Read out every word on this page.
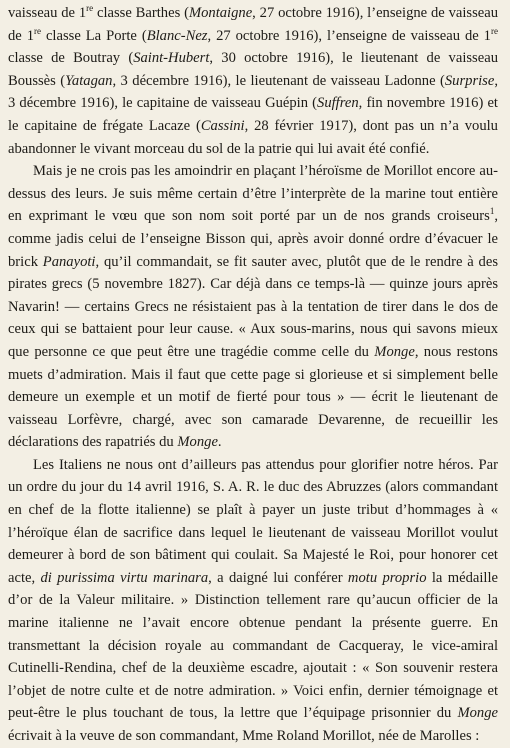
vaisseau de 1re classe Barthes (Montaigne, 27 octobre 1916), l’enseigne de vaisseau de 1re classe La Porte (Blanc-Nez, 27 octobre 1916), l’enseigne de vaisseau de 1re classe de Boutray (Saint-Hubert, 30 octobre 1916), le lieutenant de vaisseau Boussès (Yatagan, 3 décembre 1916), le lieutenant de vaisseau Ladonne (Surprise, 3 décembre 1916), le capitaine de vaisseau Guépin (Suffren, fin novembre 1916) et le capitaine de frégate Lacaze (Cassini, 28 février 1917), dont pas un n’a voulu abandonner le vivant morceau du sol de la patrie qui lui avait été confié.

Mais je ne crois pas les amoindrir en plaçant l’héroïsme de Morillot encore au-dessus des leurs. Je suis même certain d’être l’interprète de la marine tout entière en exprimant le vœu que son nom soit porté par un de nos grands croiseurs$^1$, comme jadis celui de l’enseigne Bisson qui, après avoir donné ordre d’évacuer le brick Panayoti, qu’il commandait, se fit sauter avec, plutôt que de le rendre à des pirates grecs (5 novembre 1827). Car déjà dans ce temps-là — quinze jours après Navarin! — certains Grecs ne résistaient pas à la tentation de tirer dans le dos de ceux qui se battaient pour leur cause. « Aux sous-marins, nous qui savons mieux que personne ce que peut être une tragédie comme celle du Monge, nous restons muets d’admiration. Mais il faut que cette page si glorieuse et si simplement belle demeure un exemple et un motif de fierté pour tous » — écrit le lieutenant de vaisseau Lorfèvre, chargé, avec son camarade Devarenne, de recueillir les déclarations des rapatriés du Monge.

Les Italiens ne nous ont d’ailleurs pas attendus pour glorifier notre héros. Par un ordre du jour du 14 avril 1916, S. A. R. le duc des Abruzzes (alors commandant en chef de la flotte italienne) se plaît à payer un juste tribut d’hommages à « l’héroïque élan de sacrifice dans lequel le lieutenant de vaisseau Morillot voulut demeurer à bord de son bâtiment qui coulait. Sa Majesté le Roi, pour honorer cet acte, di purissima virtu marinara, a daigné lui conférer motu proprio la médaille d’or de la Valeur militaire. » Distinction tellement rare qu’aucun officier de la marine italienne ne l’avait encore obtenue pendant la présente guerre. En transmettant la décision royale au commandant de Cacqueray, le vice-amiral Cutinelli-Rendina, chef de la deuxième escadre, ajoutait : « Son souvenir restera l’objet de notre culte et de notre admiration. » Voici enfin, dernier témoignage et peut-être le plus touchant de tous, la lettre que l’équipage prisonnier du Monge écrivait à la veuve de son commandant, Mme Roland Morillot, née de Marolles :
